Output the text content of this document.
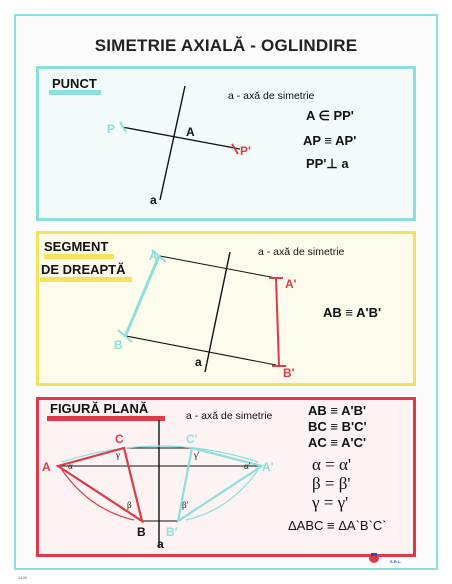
SIMETRIE AXIALĂ - OGLINDIRE
PUNCT
a - axă de simetrie
A ∈ PP'
AP ≡ AP'
PP'⊥ a
SEGMENT
DE DREAPTĂ
a - axă de simetrie
AB ≡ A'B'
FIGURĂ PLANĂ	a - axă de simetrie	AB ≡ A'B'
BC ≡ B'C'
AC ≡ A'C'
α = α'
β = β'
γ = γ'
ΔABC ≡ ΔA`B`C`
P	A
P'
a
A
B
A'
B'
a
A
C
B
C'
A'
B'
a
α
β
γ
α'
β'
γ'
4155
DIDACT-FORUM
S.R.L.
